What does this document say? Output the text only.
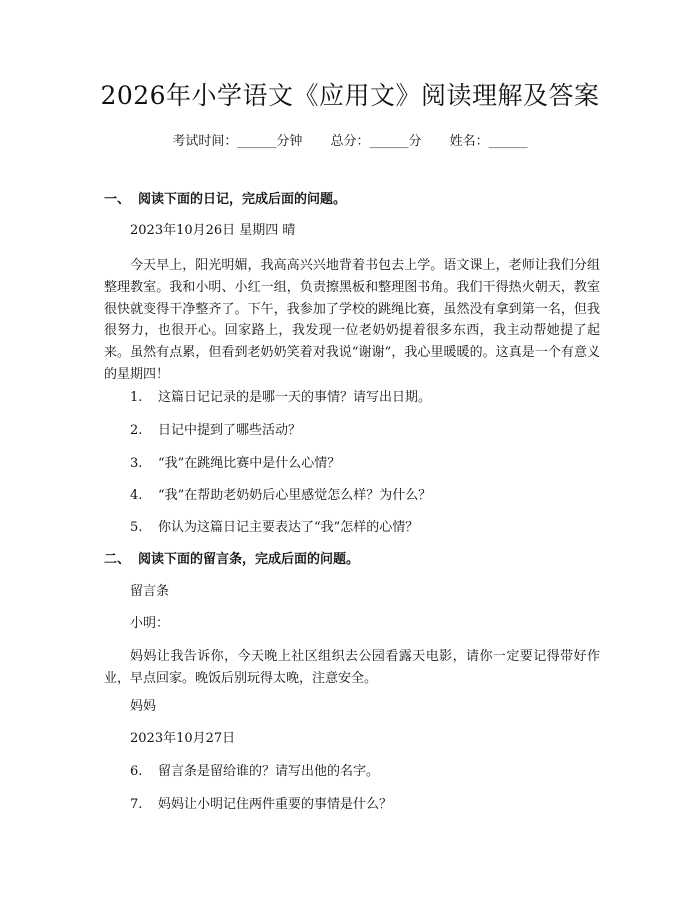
2026年小学语文《应用文》阅读理解及答案
考试时间：______分钟 总分：______分 姓名：______
一、 阅读下面的日记，完成后面的问题。
2023年10月26日 星期四 晴
今天早上，阳光明媚，我高高兴兴地背着书包去上学。语文课上，老师让我们分组整理教室。我和小明、小红一组，负责擦黑板和整理图书角。我们干得热火朝天，教室很快就变得干净整齐了。下午，我参加了学校的跳绳比赛，虽然没有拿到第一名，但我很努力，也很开心。回家路上，我发现一位老奶奶提着很多东西，我主动帮她提了起来。虽然有点累，但看到老奶奶笑着对我说“谢谢”，我心里暖暖的。这真是一个有意义的星期四！
1. 这篇日记记录的是哪一天的事情？请写出日期。
2. 日记中提到了哪些活动？
3. “我”在跳绳比赛中是什么心情？
4. “我”在帮助老奶奶后心里感觉怎么样？为什么？
5. 你认为这篇日记主要表达了“我”怎样的心情？
二、 阅读下面的留言条，完成后面的问题。
留言条
小明：
妈妈让我告诉你，今天晚上社区组织去公园看露天电影，请你一定要记得带好作业，早点回家。晚饭后别玩得太晚，注意安全。
妈妈
2023年10月27日
6. 留言条是留给谁的？请写出他的名字。
7. 妈妈让小明记住两件重要的事情是什么？
